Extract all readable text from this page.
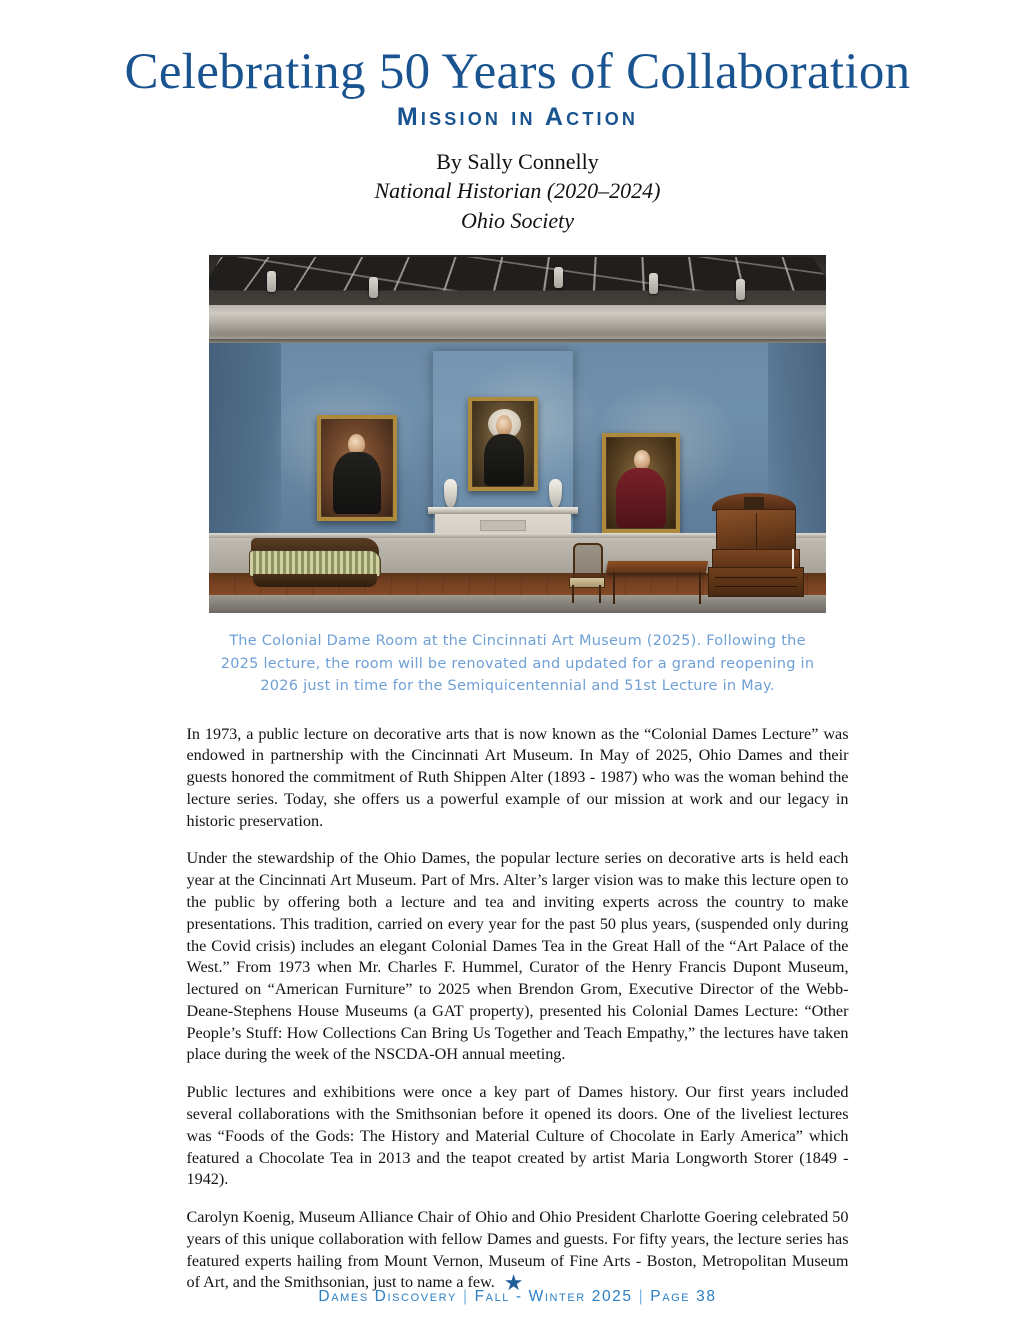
Celebrating 50 Years of Collaboration
Mission in Action
By Sally Connelly
National Historian (2020–2024)
Ohio Society
The Colonial Dame Room at the Cincinnati Art Museum (2025). Following the
2025 lecture, the room will be renovated and updated for a grand reopening in
2026 just in time for the Semiquicentennial and 51st Lecture in May.

In 1973, a public lecture on decorative arts that is now known as the “Colonial Dames Lecture” was endowed in partnership with the Cincinnati Art Museum. In May of 2025, Ohio Dames and their guests honored the commitment of Ruth Shippen Alter (1893 - 1987) who was the woman behind the lecture series. Today, she offers us a powerful example of our mission at work and our legacy in historic preservation.

Under the stewardship of the Ohio Dames, the popular lecture series on decorative arts is held each year at the Cincinnati Art Museum. Part of Mrs. Alter’s larger vision was to make this lecture open to the public by offering both a lecture and tea and inviting experts across the country to make presentations. This tradition, carried on every year for the past 50 plus years, (suspended only during the Covid crisis) includes an elegant Colonial Dames Tea in the Great Hall of the “Art Palace of the West.” From 1973 when Mr. Charles F. Hummel, Curator of the Henry Francis Dupont Museum, lectured on “American Furniture” to 2025 when Brendon Grom, Executive Director of the Webb-Deane-Stephens House Museums (a GAT property), presented his Colonial Dames Lecture: “Other People’s Stuff: How Collections Can Bring Us Together and Teach Empathy,” the lectures have taken place during the week of the NSCDA-OH annual meeting.

Public lectures and exhibitions were once a key part of Dames history. Our first years included several collaborations with the Smithsonian before it opened its doors. One of the liveliest lectures was “Foods of the Gods: The History and Material Culture of Chocolate in Early America” which featured a Chocolate Tea in 2013 and the teapot created by artist Maria Longworth Storer (1849 - 1942).

Carolyn Koenig, Museum Alliance Chair of Ohio and Ohio President Charlotte Goering celebrated 50 years of this unique collaboration with fellow Dames and guests. For fifty years, the lecture series has featured experts hailing from Mount Vernon, Museum of Fine Arts - Boston, Metropolitan Museum of Art, and the Smithsonian, just to name a few. ★

Dames Discovery | Fall - Winter 2025 | Page 38
